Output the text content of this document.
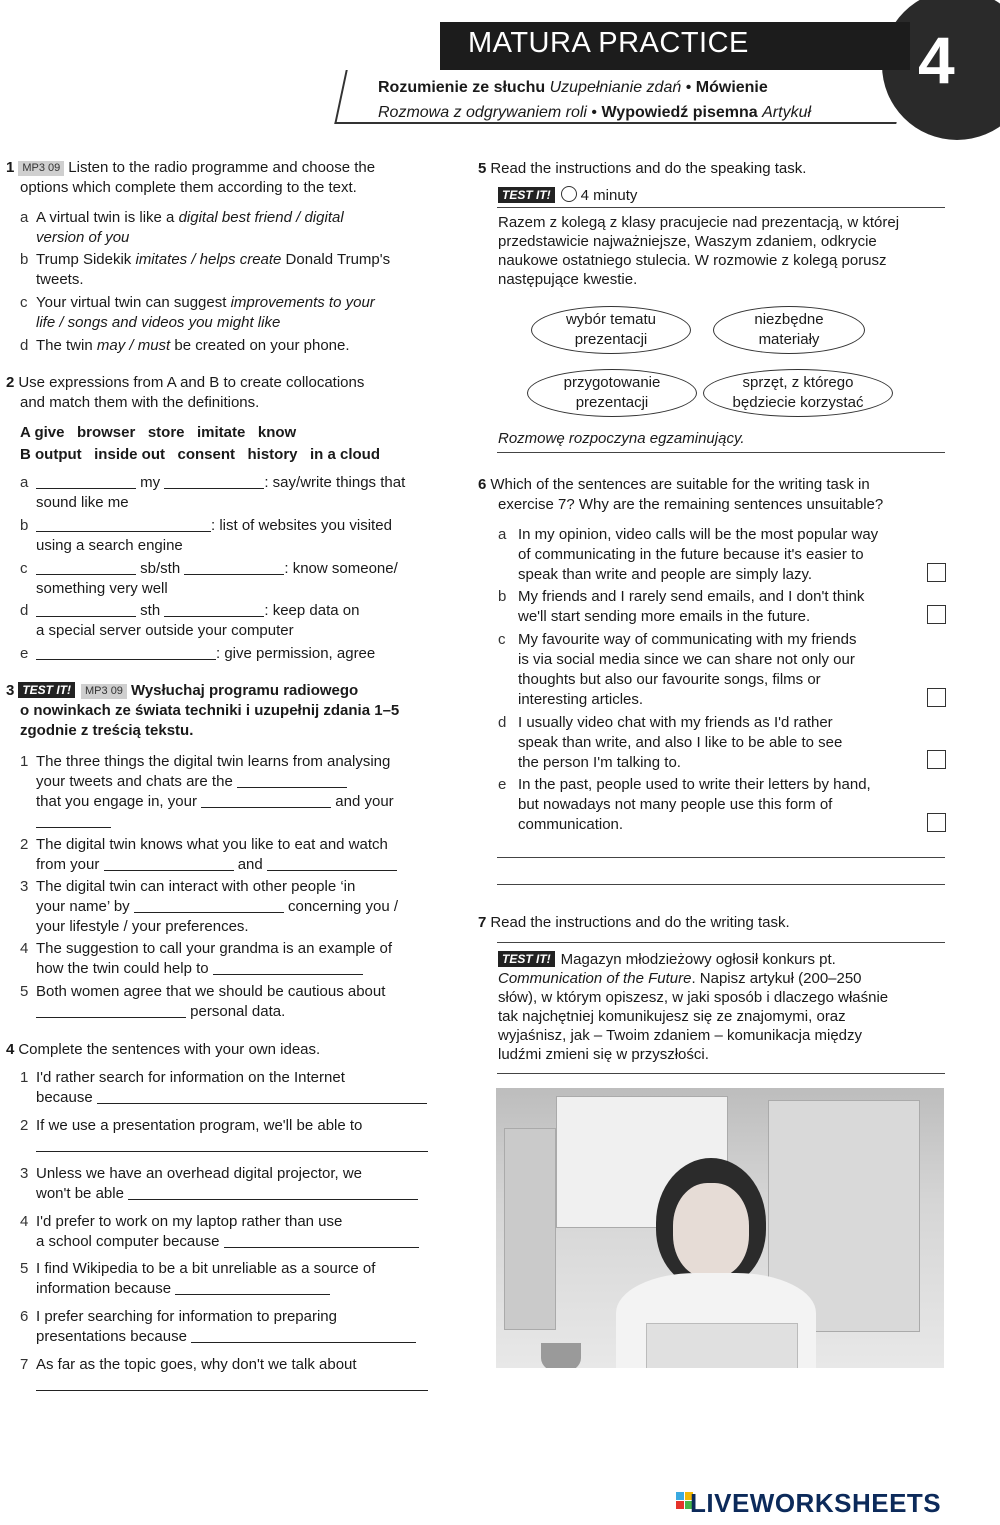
MATURA PRACTICE	4
Rozumienie ze słuchu Uzupełnianie zdań • Mówienie
Rozmowa z odgrywaniem roli • Wypowiedź pisemna Artykuł
1 MP3 09 Listen to the radio programme and choose the
options which complete them according to the text.
a A virtual twin is like a digital best friend / digital
version of you
b Trump Sidekik imitates / helps create Donald Trump's
tweets.
c Your virtual twin can suggest improvements to your
life / songs and videos you might like
d The twin may / must be created on your phone.
2 Use expressions from A and B to create collocations
and match them with the definitions.
A give   browser   store   imitate   know
B output   inside out   consent   history   in a cloud
a	my	: say/write things that
sound like me
b	: list of websites you visited
using a search engine
c	sb/sth	: know someone/
something very well
d	sth	: keep data on
a special server outside your computer
e	: give permission, agree
3 TEST IT! MP3 09 Wysłuchaj programu radiowego
o nowinkach ze świata techniki i uzupełnij zdania 1–5
zgodnie z treścią tekstu.
1 The three things the digital twin learns from analysing
your tweets and chats are the
that you engage in, your	and your

2 The digital twin knows what you like to eat and watch
from your	and
3 The digital twin can interact with other people ‘in
your name’ by	concerning you /
your lifestyle / your preferences.
4 The suggestion to call your grandma is an example of
how the twin could help to
5 Both women agree that we should be cautious about
personal data.
4 Complete the sentences with your own ideas.
1 I'd rather search for information on the Internet
because
2 If we use a presentation program, we'll be able to

3 Unless we have an overhead digital projector, we
won't be able
4 I'd prefer to work on my laptop rather than use
a school computer because
5 I find Wikipedia to be a bit unreliable as a source of
information because
6 I prefer searching for information to preparing
presentations because
7 As far as the topic goes, why don't we talk about

5 Read the instructions and do the speaking task.
TEST IT! 4 minuty
Razem z kolegą z klasy pracujecie nad prezentacją, w której
przedstawicie najważniejsze, Waszym zdaniem, odkrycie
naukowe ostatniego stulecia. W rozmowie z kolegą porusz
następujące kwestie.
wybór tematu
prezentacji
niezbędne
materiały
przygotowanie
prezentacji
sprzęt, z którego
będziecie korzystać
Rozmowę rozpoczyna egzaminujący.
6 Which of the sentences are suitable for the writing task in
exercise 7? Why are the remaining sentences unsuitable?
a In my opinion, video calls will be the most popular way
of communicating in the future because it's easier to
speak than write and people are simply lazy.
b My friends and I rarely send emails, and I don't think
we'll start sending more emails in the future.
c My favourite way of communicating with my friends
is via social media since we can share not only our
thoughts but also our favourite songs, films or
interesting articles.
d I usually video chat with my friends as I'd rather
speak than write, and also I like to be able to see
the person I'm talking to.
e In the past, people used to write their letters by hand,
but nowadays not many people use this form of
communication.
7 Read the instructions and do the writing task.
TEST IT! Magazyn młodzieżowy ogłosił konkurs pt.
Communication of the Future. Napisz artykuł (200–250
słów), w którym opiszesz, w jaki sposób i dlaczego właśnie
tak najchętniej komunikujesz się ze znajomymi, oraz
wyjaśnisz, jak – Twoim zdaniem – komunikacja między
ludźmi zmieni się w przyszłości.
LIVEWORKSHEETS
